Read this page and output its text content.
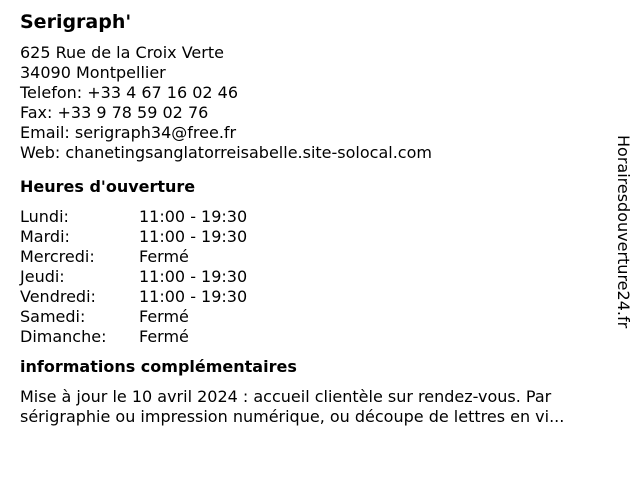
Serigraph'
625 Rue de la Croix Verte
34090 Montpellier
Telefon: +33 4 67 16 02 46
Fax: +33 9 78 59 02 76
Email: serigraph34@free.fr
Web: chanetingsanglatorreisabelle.site-solocal.com
Heures d'ouverture
Lundi:	11:00 - 19:30
Mardi:	11:00 - 19:30
Mercredi:	Fermé
Jeudi:	11:00 - 19:30
Vendredi:	11:00 - 19:30
Samedi:	Fermé
Dimanche:	Fermé
informations complémentaires
Mise à jour le 10 avril 2024 : accueil clientèle sur rendez-vous. Par
sérigraphie ou impression numérique, ou découpe de lettres en vi...
Horairesdouverture24.fr
